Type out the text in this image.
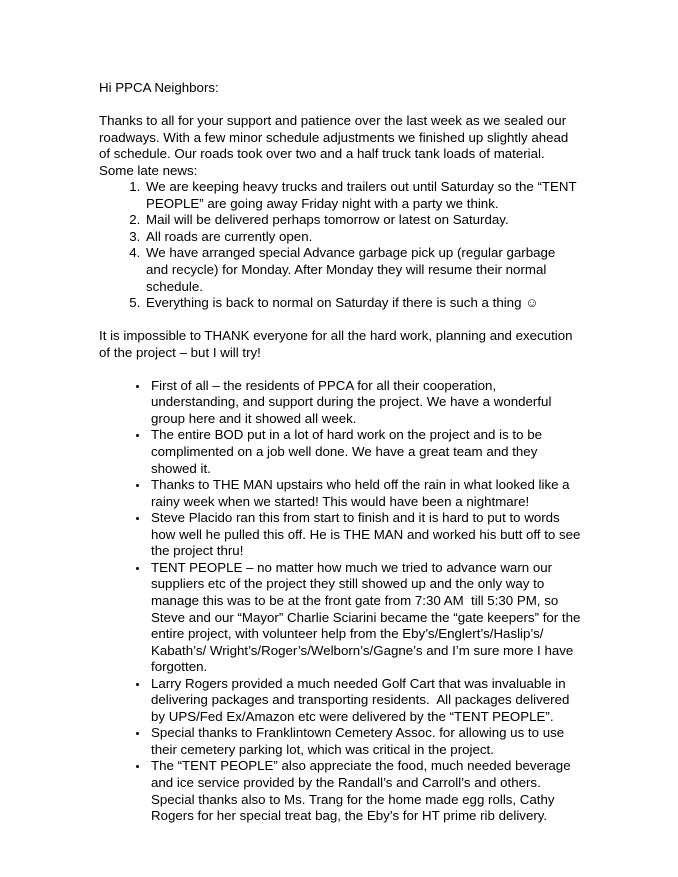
Hi PPCA Neighbors:

Thanks to all for your support and patience over the last week as we sealed our roadways. With a few minor schedule adjustments we finished up slightly ahead of schedule. Our roads took over two and a half truck tank loads of material. Some late news:

1. We are keeping heavy trucks and trailers out until Saturday so the “TENT PEOPLE” are going away Friday night with a party we think.
2. Mail will be delivered perhaps tomorrow or latest on Saturday.
3. All roads are currently open.
4. We have arranged special Advance garbage pick up (regular garbage and recycle) for Monday. After Monday they will resume their normal schedule.
5. Everything is back to normal on Saturday if there is such a thing ☺

It is impossible to THANK everyone for all the hard work, planning and execution of the project – but I will try!

• First of all – the residents of PPCA for all their cooperation, understanding, and support during the project. We have a wonderful group here and it showed all week.
• The entire BOD put in a lot of hard work on the project and is to be complimented on a job well done. We have a great team and they showed it.
• Thanks to THE MAN upstairs who held off the rain in what looked like a rainy week when we started! This would have been a nightmare!
• Steve Placido ran this from start to finish and it is hard to put to words how well he pulled this off. He is THE MAN and worked his butt off to see the project thru!
• TENT PEOPLE – no matter how much we tried to advance warn our suppliers etc of the project they still showed up and the only way to manage this was to be at the front gate from 7:30 AM  till 5:30 PM, so Steve and our “Mayor” Charlie Sciarini became the “gate keepers” for the entire project, with volunteer help from the Eby’s/Englert’s/Haslip’s/ Kabath’s/ Wright’s/Roger’s/Welborn’s/Gagne’s and I’m sure more I have forgotten.
• Larry Rogers provided a much needed Golf Cart that was invaluable in delivering packages and transporting residents.  All packages delivered by UPS/Fed Ex/Amazon etc were delivered by the “TENT PEOPLE”.
• Special thanks to Franklintown Cemetery Assoc. for allowing us to use their cemetery parking lot, which was critical in the project.
• The “TENT PEOPLE” also appreciate the food, much needed beverage and ice service provided by the Randall’s and Carroll’s and others. Special thanks also to Ms. Trang for the home made egg rolls, Cathy Rogers for her special treat bag, the Eby’s for HT prime rib delivery.
